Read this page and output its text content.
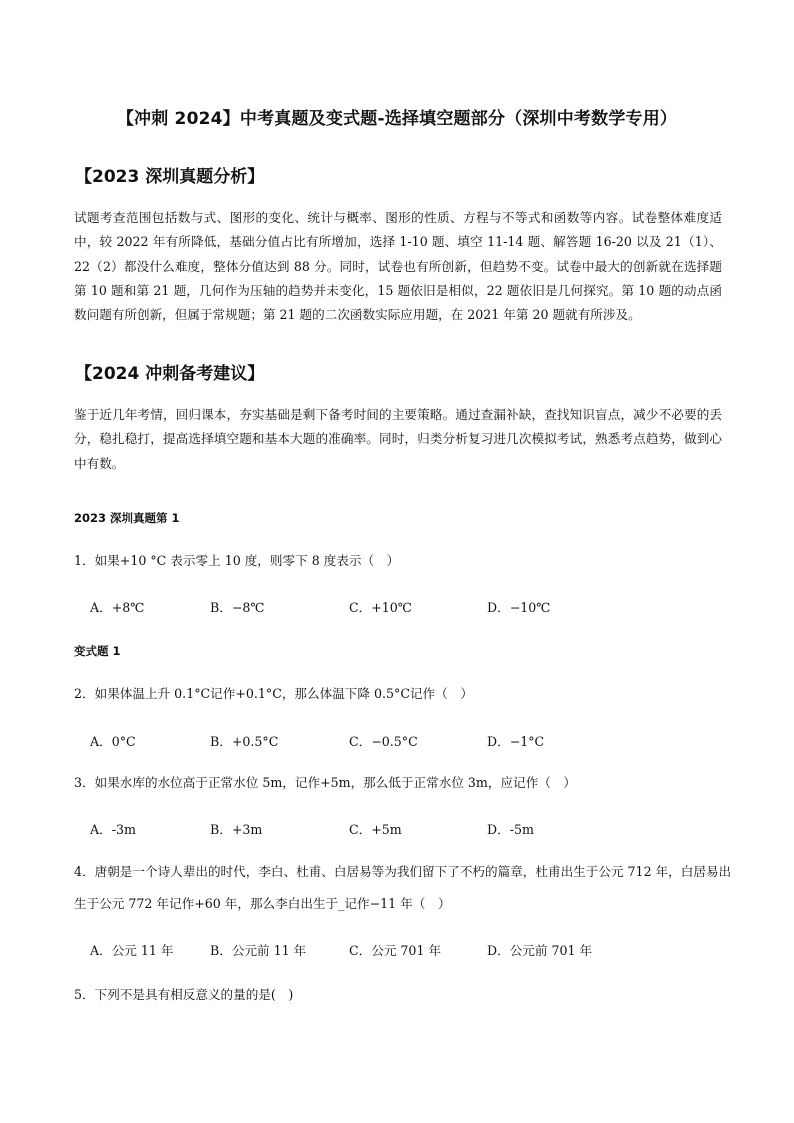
【冲刺 2024】中考真题及变式题-选择填空题部分（深圳中考数学专用）
【2023 深圳真题分析】
试题考查范围包括数与式、图形的变化、统计与概率、图形的性质、方程与不等式和函数等内容。试卷整体难度适中，较 2022 年有所降低，基础分值占比有所增加，选择 1-10 题、填空 11-14 题、解答题 16-20 以及 21（1）、22（2）都没什么难度，整体分值达到 88 分。同时，试卷也有所创新，但趋势不变。试卷中最大的创新就在选择题第 10 题和第 21 题，几何作为压轴的趋势并未变化，15 题依旧是相似，22 题依旧是几何探究。第 10 题的动点函数问题有所创新，但属于常规题；第 21 题的二次函数实际应用题，在 2021 年第 20 题就有所涉及。
【2024 冲刺备考建议】
鉴于近几年考情，回归课本，夯实基础是剩下备考时间的主要策略。通过查漏补缺，查找知识盲点，减少不必要的丢分，稳扎稳打，提高选择填空题和基本大题的准确率。同时，归类分析复习进几次模拟考试，熟悉考点趋势，做到心中有数。
2023 深圳真题第 1
1．如果+10 °C 表示零上 10 度，则零下 8 度表示（　）
A．+8℃	B．−8℃	C．+10℃	D．−10℃
变式题 1
2．如果体温上升 0.1°C记作+0.1°C，那么体温下降 0.5°C记作（　）
A．0°C	B．+0.5°C	C．−0.5°C	D．−1°C
3．如果水库的水位高于正常水位 5m，记作+5m，那么低于正常水位 3m，应记作（　）
A．-3m	B．+3m	C．+5m	D．-5m
4．唐朝是一个诗人辈出的时代，李白、杜甫、白居易等为我们留下了不朽的篇章，杜甫出生于公元 712 年，白居易出生于公元 772 年记作+60 年，那么李白出生于_记作−11 年（　）
A．公元 11 年	B．公元前 11 年	C．公元 701 年	D．公元前 701 年
5．下列不是具有相反意义的量的是(　)
